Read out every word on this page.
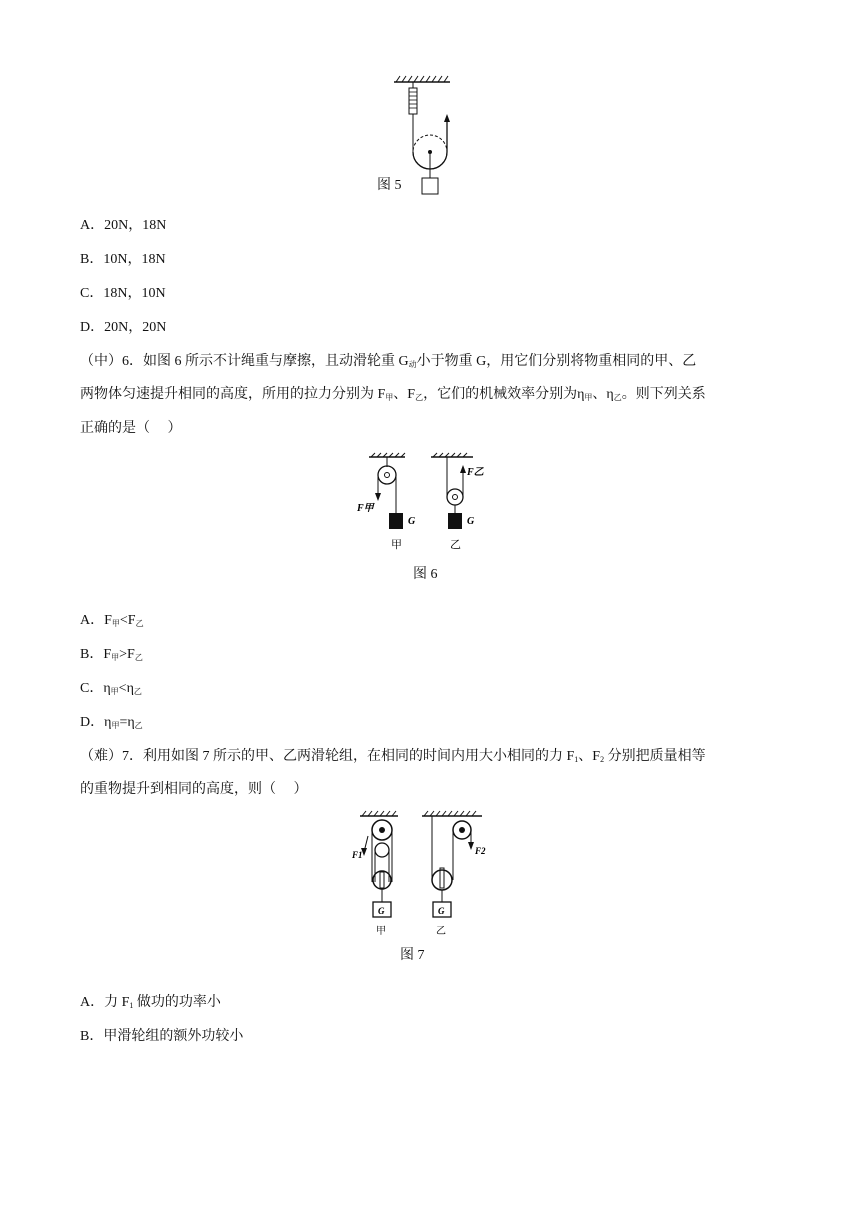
图 5
A．20N，18N
B．10N，18N
C．18N，10N
D．20N，20N
（中）6．如图 6 所示不计绳重与摩擦，且动滑轮重 G动小于物重 G，用它们分别将物重相同的甲、乙
两物体匀速提升相同的高度，所用的拉力分别为 F甲、F乙，它们的机械效率分别为η甲、η乙。则下列关系
正确的是（　 ）
F甲
G
甲
F乙
G
乙
图 6
A．F甲<F乙
B．F甲>F乙
C．η甲<η乙
D．η甲=η乙
（难）7．利用如图 7 所示的甲、乙两滑轮组，在相同的时间内用大小相同的力 F1、F2 分别把质量相等
的重物提升到相同的高度，则（　 ）
G
F1
甲
G
F2
乙
图 7
A．力 F1 做功的功率小
B．甲滑轮组的额外功较小
